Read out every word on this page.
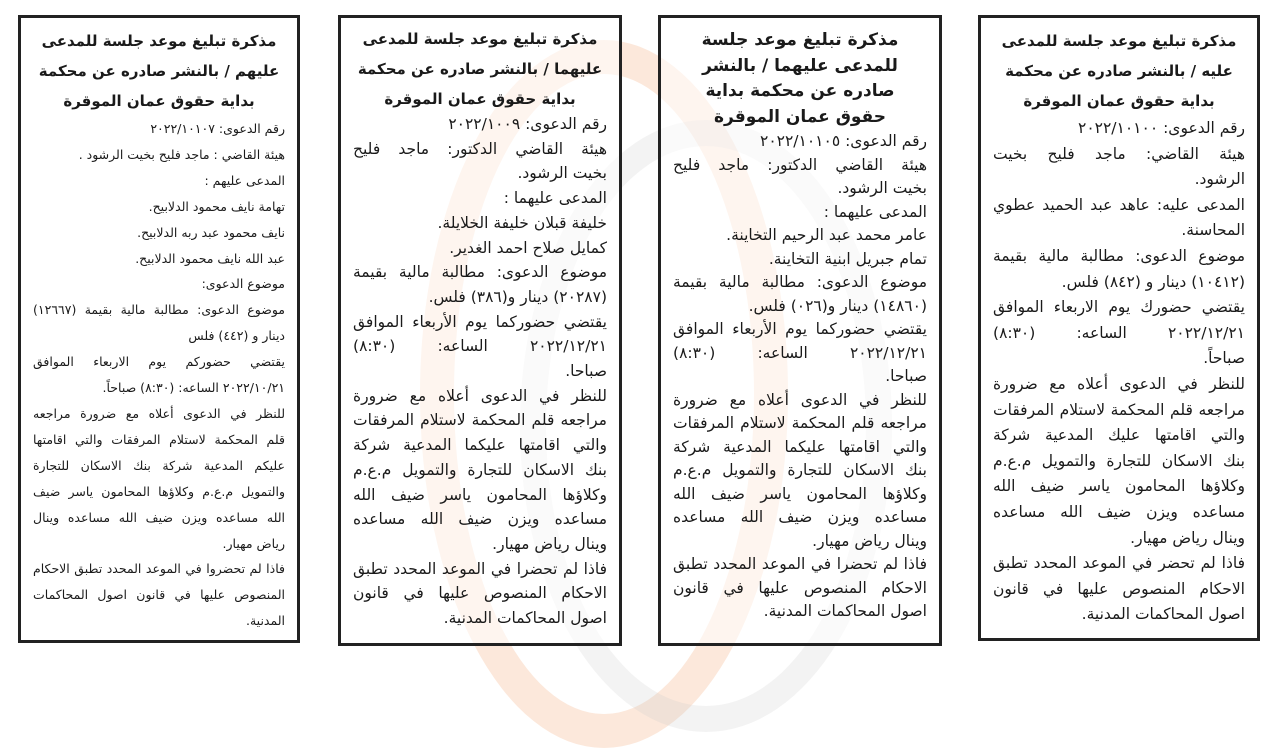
مذكرة تبليغ موعد جلسة للمدعى
عليهم / بالنشر صادره عن محكمة
بداية حقوق عمان الموقرة
رقم الدعوى: ٢٠٢٢/١٠١٠٧
هيئة القاضي : ماجد فليح بخيت الرشود .
المدعى عليهم :
تهامة نايف محمود الدلابيح.
نايف محمود عبد ربه الدلابيح.
عبد الله نايف محمود الدلابيح.
موضوع الدعوى:
موضوع الدعوى: مطالبة مالية بقيمة (١٢٦٦٧)
دينار و (٤٤٢) فلس
يقتضي حضوركم يوم الاربعاء الموافق
٢٠٢٢/١٠/٢١ الساعه: (٨:٣٠) صباحاً.
للنظر في الدعوى أعلاه مع ضرورة مراجعه
قلم المحكمة لاستلام المرفقات والتي اقامتها
عليكم المدعية شركة بنك الاسكان للتجارة
والتمويل م.ع.م وكلاؤها المحامون ياسر ضيف
الله مساعده ويزن ضيف الله مساعده وينال
رياض مهيار.
فاذا لم تحضروا في الموعد المحدد تطبق الاحكام
المنصوص عليها في قانون اصول المحاكمات
المدنية.
مذكرة تبليغ موعد جلسة للمدعى
عليهما / بالنشر صادره عن محكمة
بداية حقوق عمان الموقرة
رقم الدعوى: ٢٠٢٢/١٠٠٩
هيئة القاضي الدكتور: ماجد فليح
بخيت الرشود.
المدعى عليهما :
خليفة قبلان خليفة الخلايلة.
كمايل صلاح احمد الغدير.
موضوع الدعوى: مطالبة مالية بقيمة
(٢٠٢٨٧) دينار و(٣٨٦) فلس.
يقتضي حضوركما يوم الأربعاء الموافق
٢٠٢٢/١٢/٢١ الساعه: (٨:٣٠)
صباحا.
للنظر في الدعوى أعلاه مع ضرورة
مراجعه قلم المحكمة لاستلام المرفقات
والتي اقامتها عليكما المدعية شركة
بنك الاسكان للتجارة والتمويل م.ع.م
وكلاؤها المحامون ياسر ضيف الله
مساعده ويزن ضيف الله مساعده
وينال رياض مهيار.
فاذا لم تحضرا في الموعد المحدد تطبق
الاحكام المنصوص عليها في قانون
اصول المحاكمات المدنية.
مذكرة تبليغ موعد جلسة
للمدعى عليهما / بالنشر
صادره عن محكمة بداية
حقوق عمان الموقرة
رقم الدعوى: ٢٠٢٢/١٠١٠٥
هيئة القاضي الدكتور: ماجد فليح
بخيت الرشود.
المدعى عليهما :
عامر محمد عبد الرحيم التخاينة.
تمام جبريل ابنية التخاينة.
موضوع الدعوى: مطالبة مالية بقيمة
(١٤٨٦٠) دينار و(٠٢٦) فلس.
يقتضي حضوركما يوم الأربعاء الموافق
٢٠٢٢/١٢/٢١ الساعه: (٨:٣٠)
صباحا.
للنظر في الدعوى أعلاه مع ضرورة
مراجعه قلم المحكمة لاستلام المرفقات
والتي اقامتها عليكما المدعية شركة
بنك الاسكان للتجارة والتمويل م.ع.م
وكلاؤها المحامون ياسر ضيف الله
مساعده ويزن ضيف الله مساعده
وينال رياض مهيار.
فاذا لم تحضرا في الموعد المحدد تطبق
الاحكام المنصوص عليها في قانون
اصول المحاكمات المدنية.
مذكرة تبليغ موعد جلسة للمدعى
عليه / بالنشر صادره عن محكمة
بداية حقوق عمان الموقرة
رقم الدعوى: ٢٠٢٢/١٠١٠٠
هيئة القاضي: ماجد فليح بخيت
الرشود.
المدعى عليه: عاهد عبد الحميد عطوي
المحاسنة.
موضوع الدعوى: مطالبة مالية بقيمة
(١٠٤١٢) دينار و (٨٤٢) فلس.
يقتضي حضورك يوم الاربعاء الموافق
٢٠٢٢/١٢/٢١ الساعه: (٨:٣٠)
صباحاً.
للنظر في الدعوى أعلاه مع ضرورة
مراجعه قلم المحكمة لاستلام المرفقات
والتي اقامتها عليك المدعية شركة
بنك الاسكان للتجارة والتمويل م.ع.م
وكلاؤها المحامون ياسر ضيف الله
مساعده ويزن ضيف الله مساعده
وينال رياض مهيار.
فاذا لم تحضر في الموعد المحدد تطبق
الاحكام المنصوص عليها في قانون
اصول المحاكمات المدنية.
